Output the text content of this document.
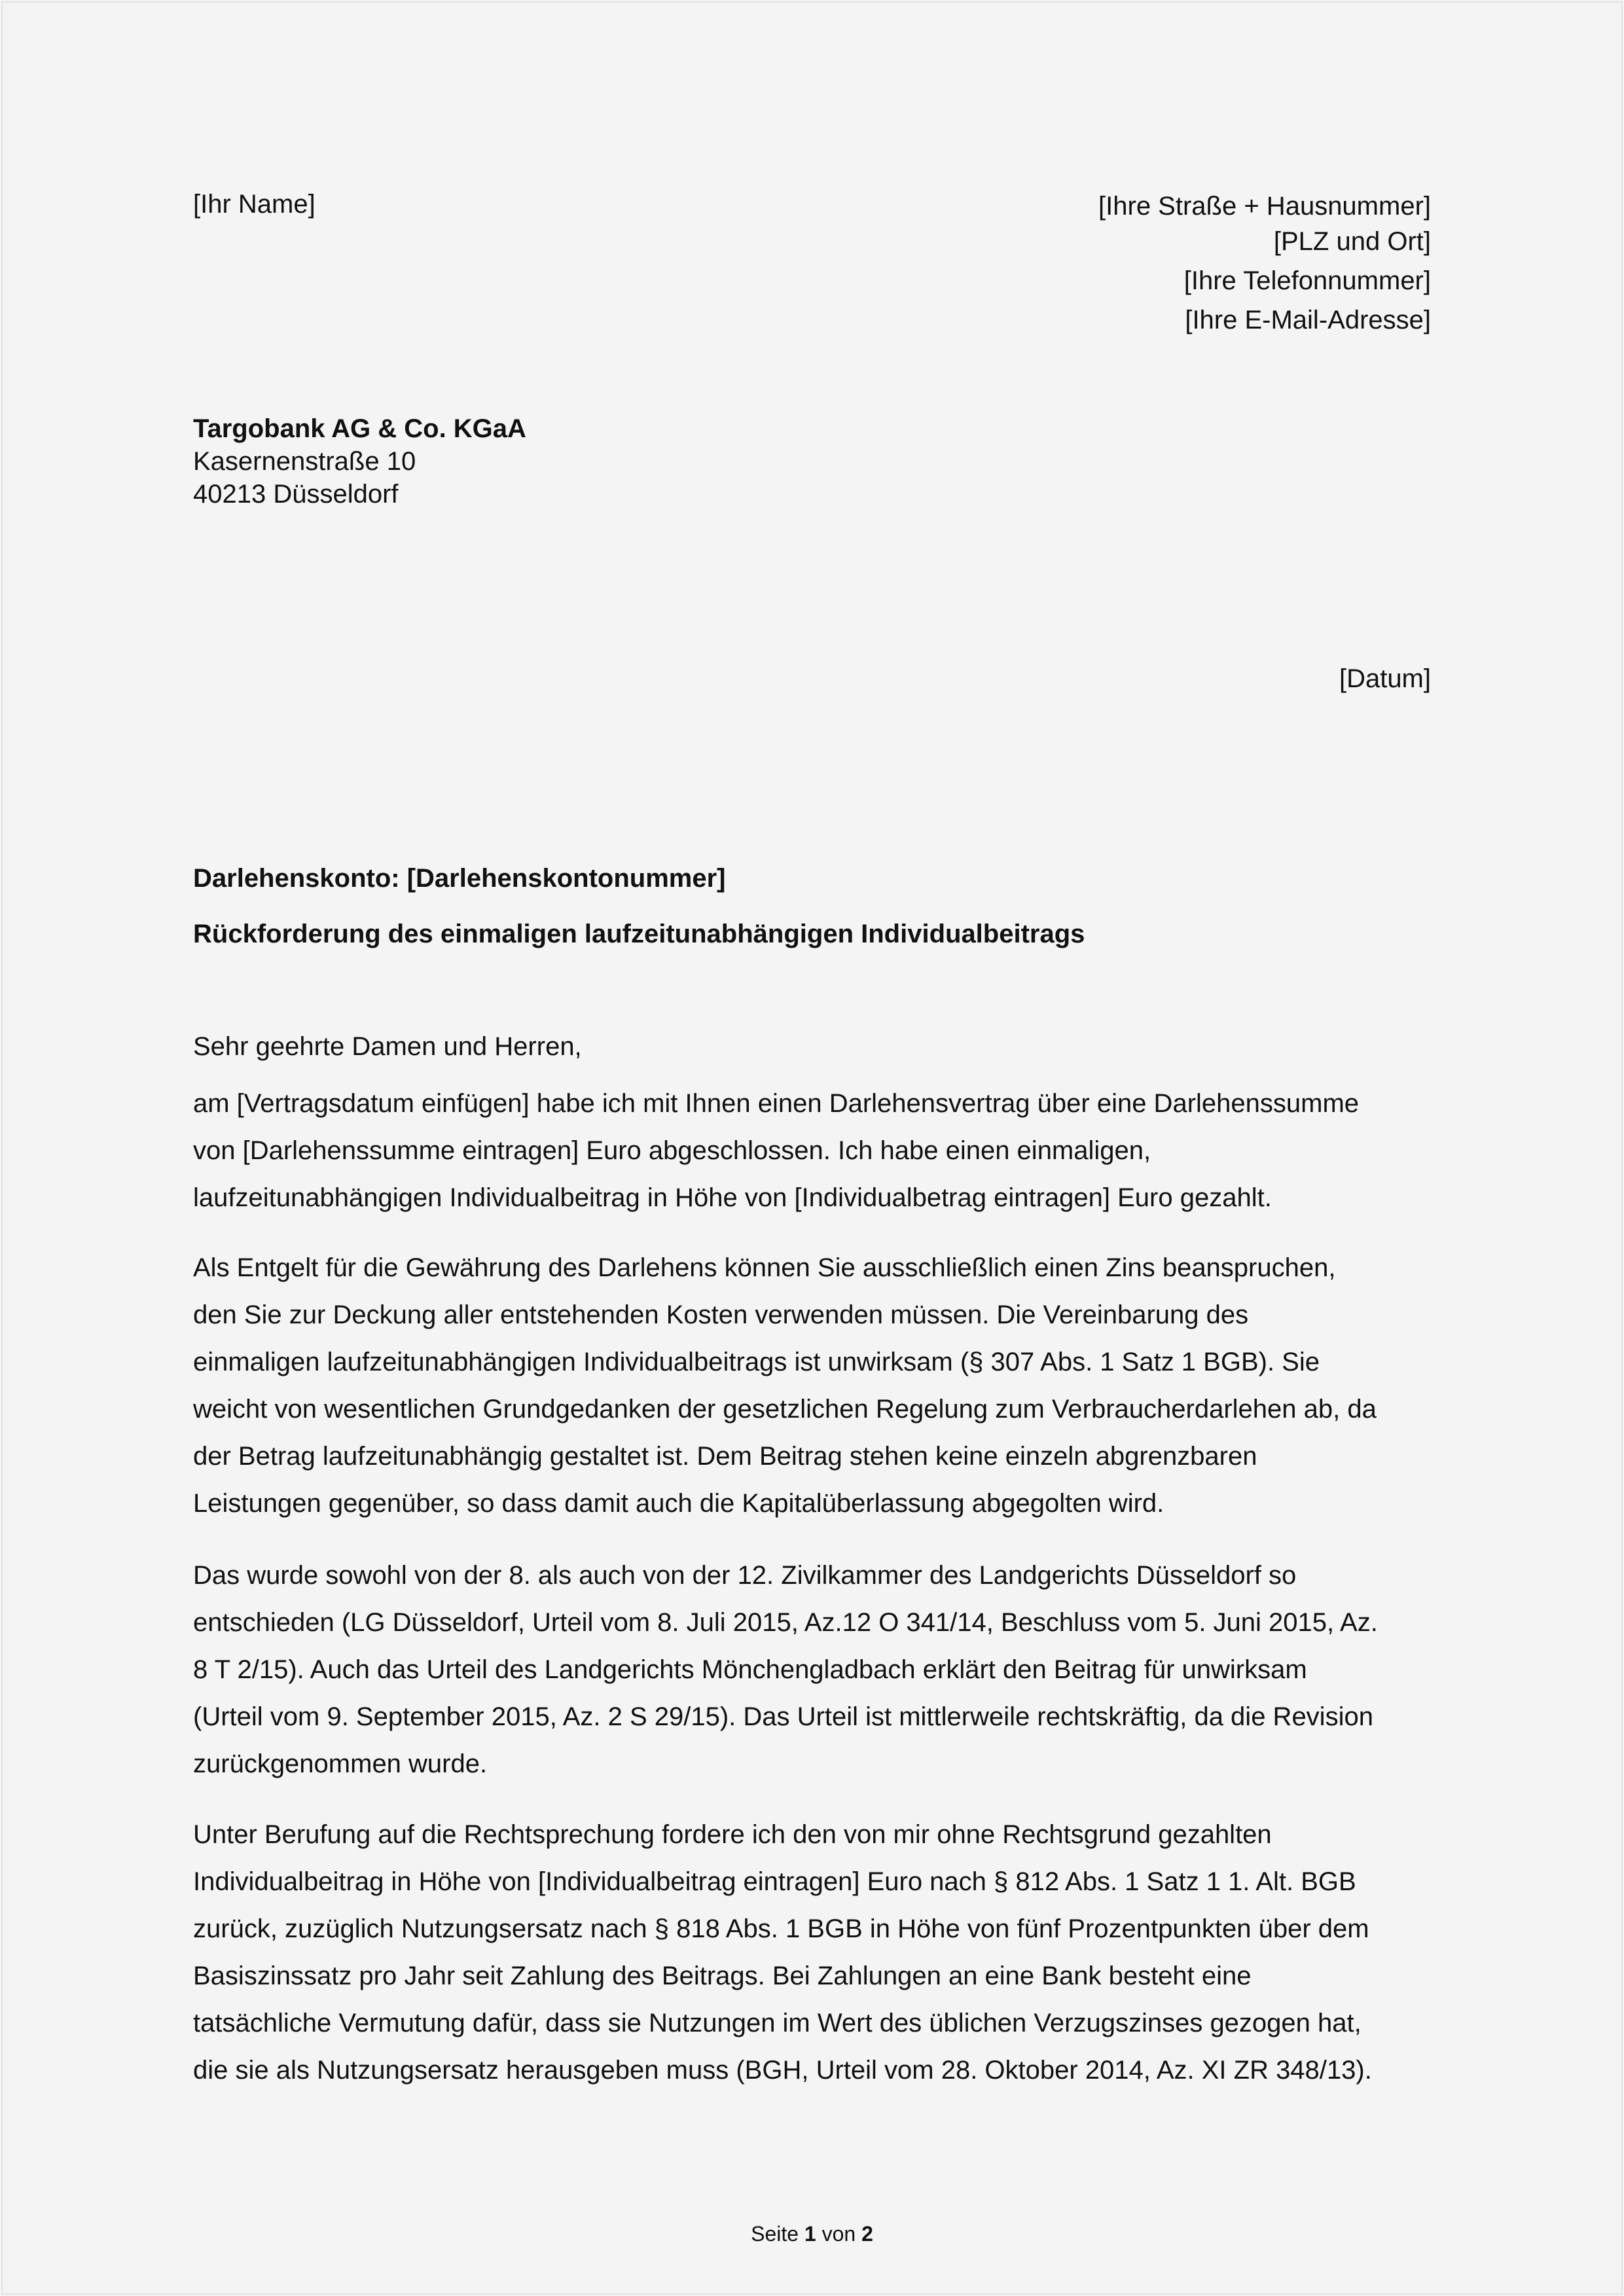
[Ihr Name]	[Ihre Straße + Hausnummer]
[PLZ und Ort]
[Ihre Telefonnummer]
[Ihre E-Mail-Adresse]
Targobank AG & Co. KGaA
Kasernenstraße 10
40213 Düsseldorf
[Datum]
Darlehenskonto: [Darlehenskontonummer]
Rückforderung des einmaligen laufzeitunabhängigen Individualbeitrags
Sehr geehrte Damen und Herren,
am [Vertragsdatum einfügen] habe ich mit Ihnen einen Darlehensvertrag über eine Darlehenssumme
von [Darlehenssumme eintragen] Euro abgeschlossen. Ich habe einen einmaligen,
laufzeitunabhängigen Individualbeitrag in Höhe von [Individualbetrag eintragen] Euro gezahlt.
Als Entgelt für die Gewährung des Darlehens können Sie ausschließlich einen Zins beanspruchen,
den Sie zur Deckung aller entstehenden Kosten verwenden müssen. Die Vereinbarung des
einmaligen laufzeitunabhängigen Individualbeitrags ist unwirksam (§ 307 Abs. 1 Satz 1 BGB). Sie
weicht von wesentlichen Grundgedanken der gesetzlichen Regelung zum Verbraucherdarlehen ab, da
der Betrag laufzeitunabhängig gestaltet ist. Dem Beitrag stehen keine einzeln abgrenzbaren
Leistungen gegenüber, so dass damit auch die Kapitalüberlassung abgegolten wird.
Das wurde sowohl von der 8. als auch von der 12. Zivilkammer des Landgerichts Düsseldorf so
entschieden (LG Düsseldorf, Urteil vom 8. Juli 2015, Az.12 O 341/14, Beschluss vom 5. Juni 2015, Az.
8 T 2/15). Auch das Urteil des Landgerichts Mönchengladbach erklärt den Beitrag für unwirksam
(Urteil vom 9. September 2015, Az. 2 S 29/15). Das Urteil ist mittlerweile rechtskräftig, da die Revision
zurückgenommen wurde.
Unter Berufung auf die Rechtsprechung fordere ich den von mir ohne Rechtsgrund gezahlten
Individualbeitrag in Höhe von [Individualbeitrag eintragen] Euro nach § 812 Abs. 1 Satz 1 1. Alt. BGB
zurück, zuzüglich Nutzungsersatz nach § 818 Abs. 1 BGB in Höhe von fünf Prozentpunkten über dem
Basiszinssatz pro Jahr seit Zahlung des Beitrags. Bei Zahlungen an eine Bank besteht eine
tatsächliche Vermutung dafür, dass sie Nutzungen im Wert des üblichen Verzugszinses gezogen hat,
die sie als Nutzungsersatz herausgeben muss (BGH, Urteil vom 28. Oktober 2014, Az. XI ZR 348/13).
Seite 1 von 2
